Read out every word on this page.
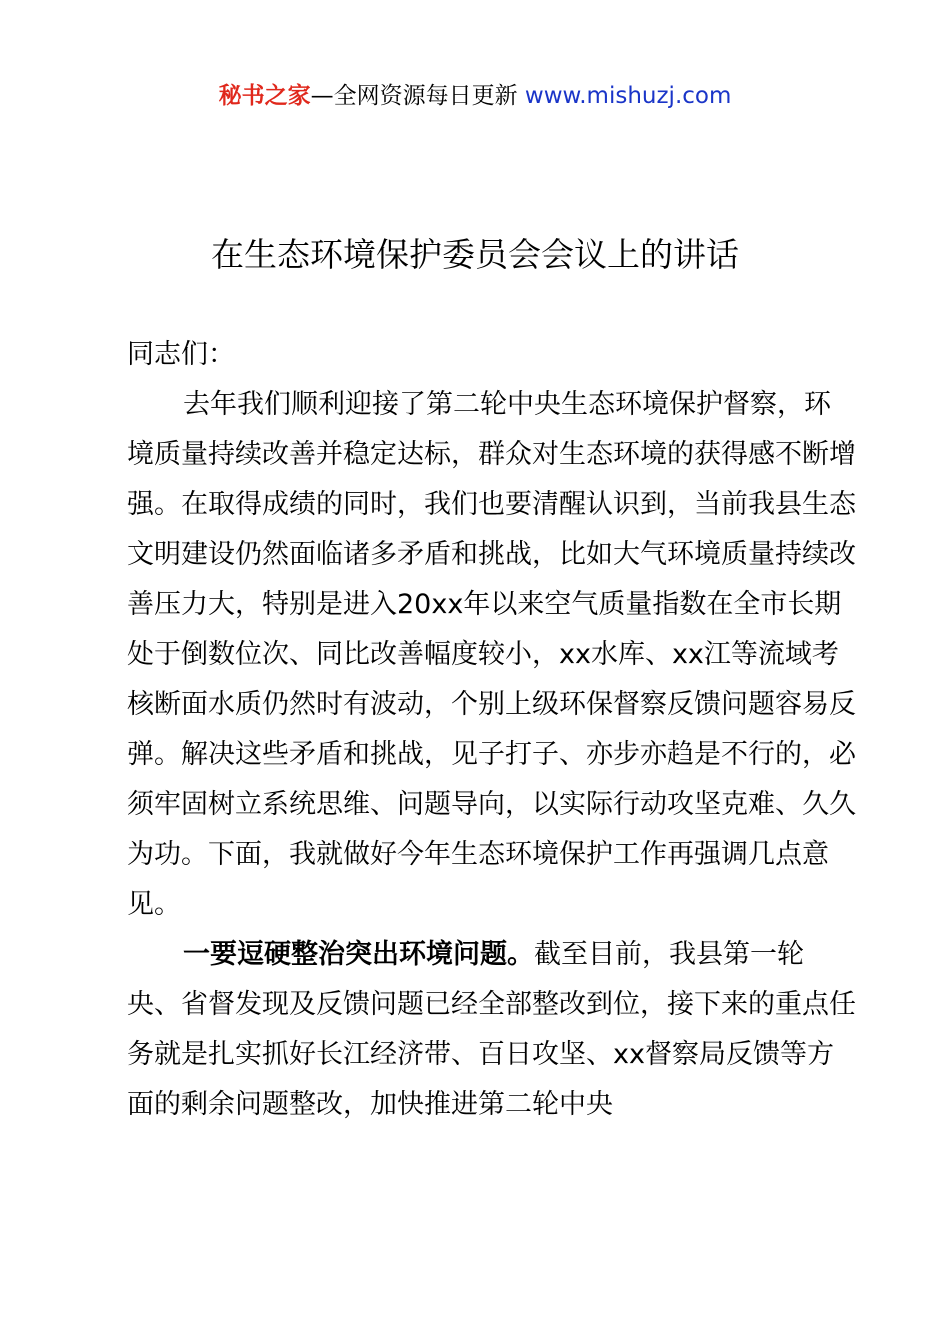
秘书之家—全网资源每日更新 www.mishuzj.com
在生态环境保护委员会会议上的讲话

同志们：

去年我们顺利迎接了第二轮中央生态环境保护督察，环境质量持续改善并稳定达标，群众对生态环境的获得感不断增强。在取得成绩的同时，我们也要清醒认识到，当前我县生态文明建设仍然面临诸多矛盾和挑战，比如大气环境质量持续改善压力大，特别是进入20xx年以来空气质量指数在全市长期处于倒数位次、同比改善幅度较小，xx水库、xx江等流域考核断面水质仍然时有波动，个别上级环保督察反馈问题容易反弹。解决这些矛盾和挑战，见子打子、亦步亦趋是不行的，必须牢固树立系统思维、问题导向，以实际行动攻坚克难、久久为功。下面，我就做好今年生态环境保护工作再强调几点意见。

一要逗硬整治突出环境问题。截至目前，我县第一轮央、省督发现及反馈问题已经全部整改到位，接下来的重点任务就是扎实抓好长江经济带、百日攻坚、xx督察局反馈等方面的剩余问题整改，加快推进第二轮中央
